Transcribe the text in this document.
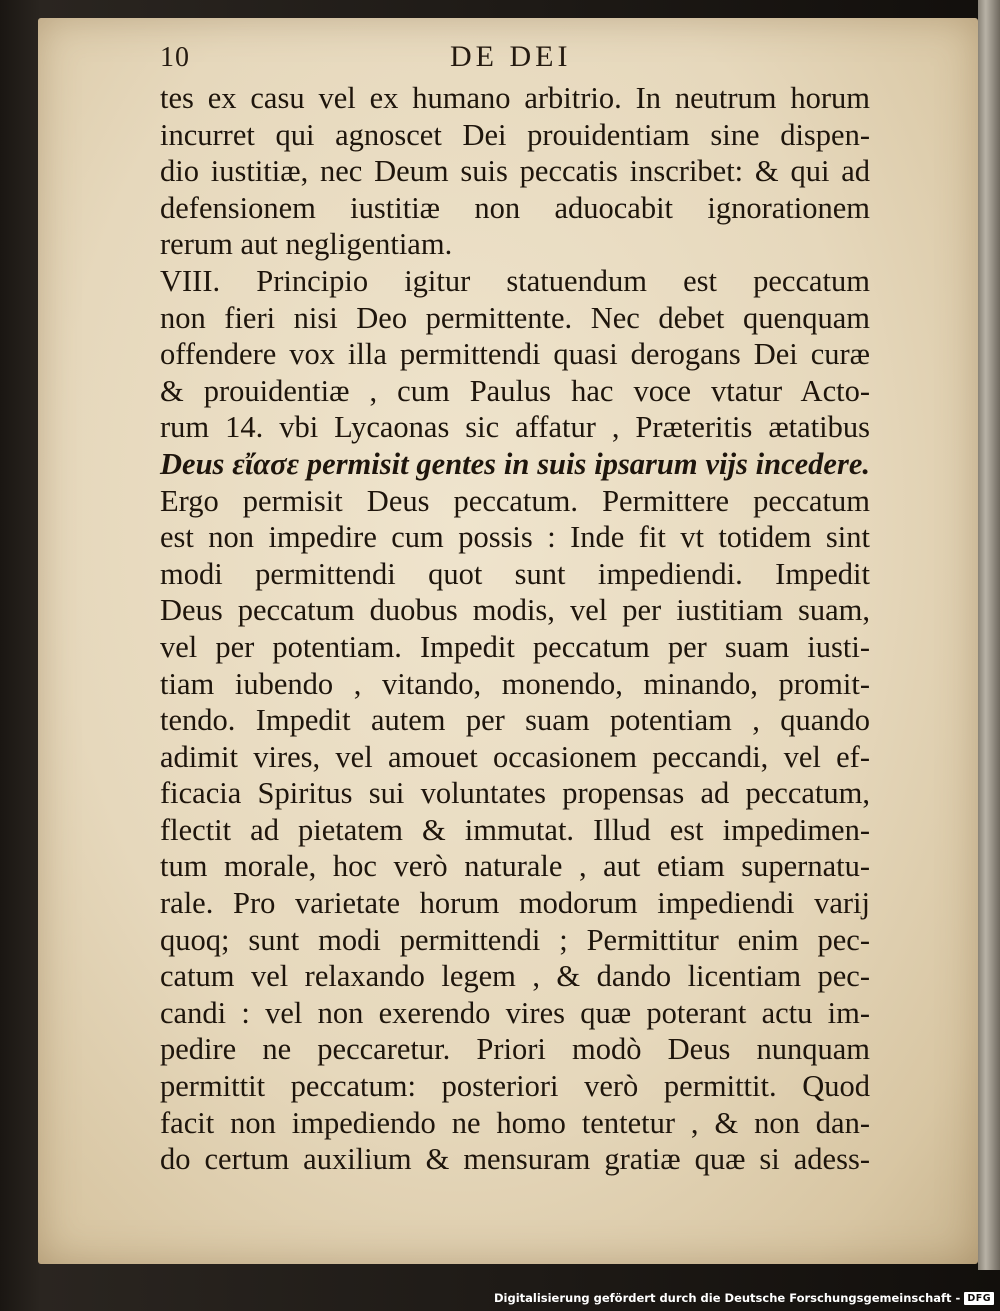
10	DE DEI
tes ex casu vel ex humano arbitrio. In neutrum horum
incurret qui agnoscet Dei prouidentiam sine dispen-
dio iustitiæ, nec Deum suis peccatis inscribet: & qui ad
defensionem iustitiæ non aduocabit ignorationem
rerum aut negligentiam.
VIII. Principio igitur statuendum est peccatum
non fieri nisi Deo permittente. Nec debet quenquam
offendere vox illa permittendi quasi derogans Dei curæ
& prouidentiæ , cum Paulus hac voce vtatur Acto-
rum 14. vbi Lycaonas sic affatur , Præteritis ætatibus
Deus εἴασε permisit gentes in suis ipsarum vijs incedere.
Ergo permisit Deus peccatum. Permittere peccatum
est non impedire cum possis : Inde fit vt totidem sint
modi permittendi quot sunt impediendi. Impedit
Deus peccatum duobus modis, vel per iustitiam suam,
vel per potentiam. Impedit peccatum per suam iusti-
tiam iubendo , vitando, monendo, minando, promit-
tendo. Impedit autem per suam potentiam , quando
adimit vires, vel amouet occasionem peccandi, vel ef-
ficacia Spiritus sui voluntates propensas ad peccatum,
flectit ad pietatem & immutat. Illud est impedimen-
tum morale, hoc verò naturale , aut etiam supernatu-
rale. Pro varietate horum modorum impediendi varij
quoq; sunt modi permittendi ; Permittitur enim pec-
catum vel relaxando legem , & dando licentiam pec-
candi : vel non exerendo vires quæ poterant actu im-
pedire ne peccaretur. Priori modò Deus nunquam
permittit peccatum: posteriori verò permittit. Quod
facit non impediendo ne homo tentetur , & non dan-
do certum auxilium & mensuram gratiæ quæ si adess-
Digitalisierung gefördert durch die Deutsche Forschungsgemeinschaft - DFG
